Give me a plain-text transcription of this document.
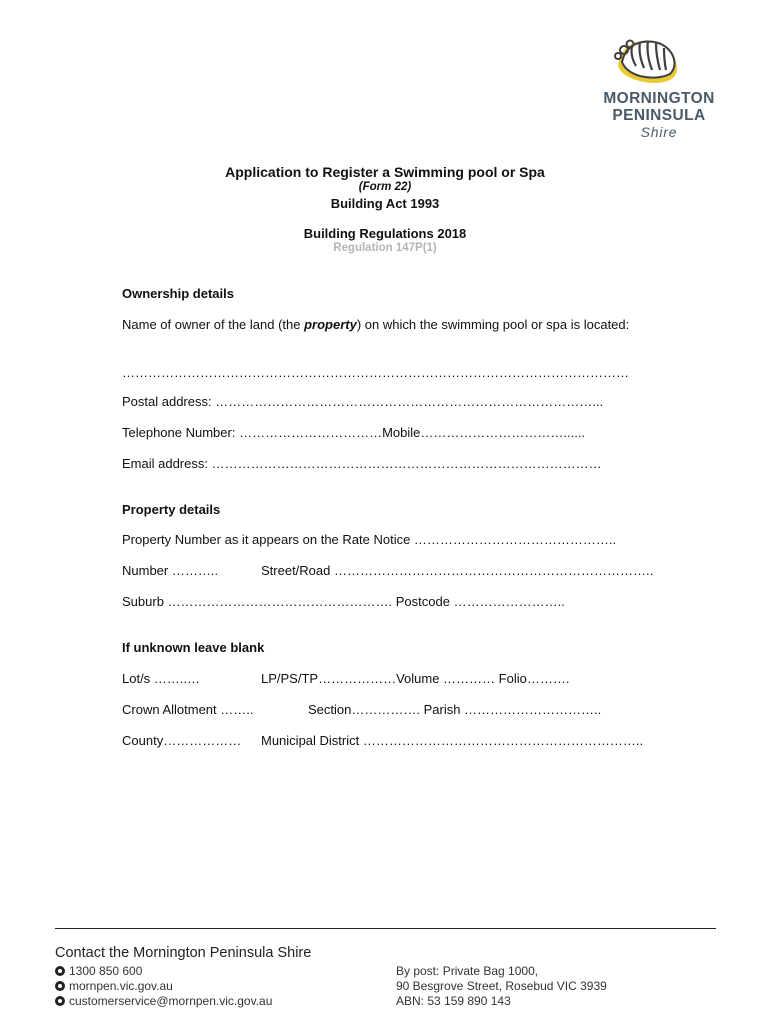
MORNINGTON
PENINSULA
Shire
Application to Register a Swimming pool or Spa
(Form 22)
Building Act 1993
Building Regulations 2018
Regulation 147P(1)
Ownership details
Name of owner of the land (the property) on which the swimming pool or spa is located:
………………………………………………………………………………………………………
Postal address: ……………………………………………………………………………...
Telephone Number: ……………………………Mobile……………………………......
Email address: ………………………………………………………………………………
Property details
Property Number as it appears on the Rate Notice ………………………………………..
Number ………..	Street/Road ………………………………………………………………..
Suburb ……………………………………………. Postcode ……………………..
If unknown leave blank
Lot/s ……..…	LP/PS/TP………………Volume ………… Folio……….
Crown Allotment ……..	Section……………. Parish …………………………..
County……………… Municipal District ………………………………………………………..
Contact the Mornington Peninsula Shire
1300 850 600
mornpen.vic.gov.au
customerservice@mornpen.vic.gov.au
By post: Private Bag 1000,
90 Besgrove Street, Rosebud VIC 3939
ABN: 53 159 890 143
